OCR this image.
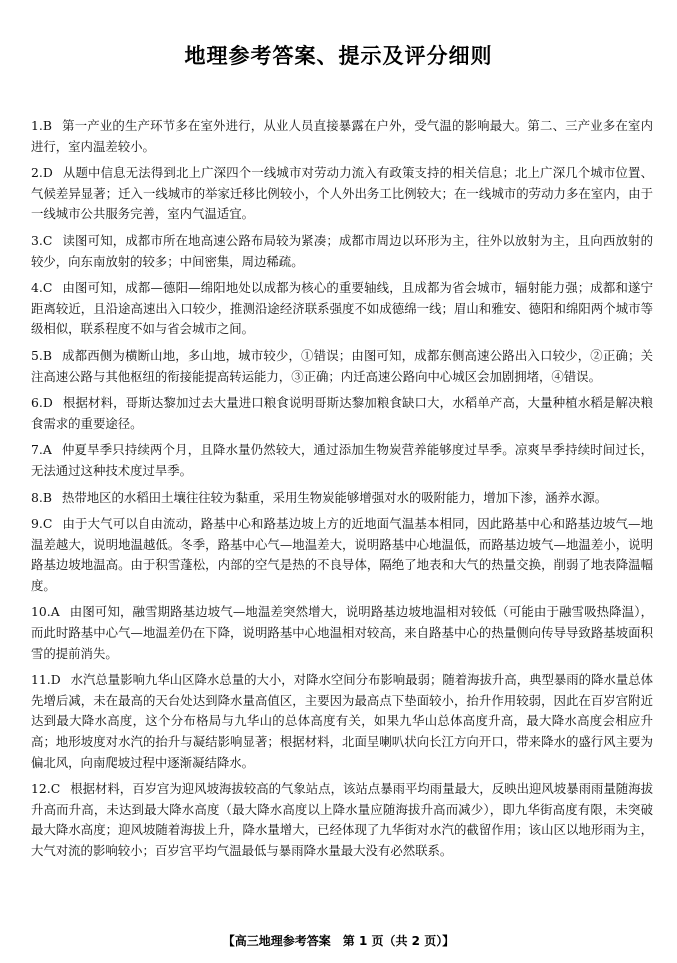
地理参考答案、提示及评分细则

1.B 第一产业的生产环节多在室外进行，从业人员直接暴露在户外，受气温的影响最大。第二、三产业多在室内进行，室内温差较小。

2.D 从题中信息无法得到北上广深四个一线城市对劳动力流入有政策支持的相关信息；北上广深几个城市位置、气候差异显著；迁入一线城市的举家迁移比例较小，个人外出务工比例较大；在一线城市的劳动力多在室内，由于一线城市公共服务完善，室内气温适宜。

3.C 读图可知，成都市所在地高速公路布局较为紧凑；成都市周边以环形为主，往外以放射为主，且向西放射的较少，向东南放射的较多；中间密集，周边稀疏。

4.C 由图可知，成都—德阳—绵阳地处以成都为核心的重要轴线，且成都为省会城市，辐射能力强；成都和遂宁距离较近，且沿途高速出入口较少，推测沿途经济联系强度不如成德绵一线；眉山和雅安、德阳和绵阳两个城市等级相似，联系程度不如与省会城市之间。

5.B 成都西侧为横断山地，多山地，城市较少，①错误；由图可知，成都东侧高速公路出入口较少，②正确；关注高速公路与其他枢纽的衔接能提高转运能力，③正确；内迁高速公路向中心城区会加剧拥堵，④错误。

6.D 根据材料，哥斯达黎加过去大量进口粮食说明哥斯达黎加粮食缺口大，水稻单产高，大量种植水稻是解决粮食需求的重要途径。

7.A 仲夏旱季只持续两个月，且降水量仍然较大，通过添加生物炭营养能够度过旱季。凉爽旱季持续时间过长，无法通过这种技术度过旱季。

8.B 热带地区的水稻田土壤往往较为黏重，采用生物炭能够增强对水的吸附能力，增加下渗，涵养水源。

9.C 由于大气可以自由流动，路基中心和路基边坡上方的近地面气温基本相同，因此路基中心和路基边坡气—地温差越大，说明地温越低。冬季，路基中心气—地温差大，说明路基中心地温低，而路基边坡气—地温差小，说明路基边坡地温高。由于积雪蓬松，内部的空气是热的不良导体，隔绝了地表和大气的热量交换，削弱了地表降温幅度。

10.A 由图可知，融雪期路基边坡气—地温差突然增大，说明路基边坡地温相对较低（可能由于融雪吸热降温），而此时路基中心气—地温差仍在下降，说明路基中心地温相对较高，来自路基中心的热量侧向传导导致路基坡面积雪的提前消失。

11.D 水汽总量影响九华山区降水总量的大小，对降水空间分布影响最弱；随着海拔升高，典型暴雨的降水量总体先增后减，未在最高的天台处达到降水量高值区，主要因为最高点下垫面较小，抬升作用较弱，因此在百岁宫附近达到最大降水高度，这个分布格局与九华山的总体高度有关，如果九华山总体高度升高，最大降水高度会相应升高；地形坡度对水汽的抬升与凝结影响显著；根据材料，北面呈喇叭状向长江方向开口，带来降水的盛行风主要为偏北风，向南爬坡过程中逐渐凝结降水。

12.C 根据材料，百岁宫为迎风坡海拔较高的气象站点，该站点暴雨平均雨量最大，反映出迎风坡暴雨雨量随海拔升高而升高，未达到最大降水高度（最大降水高度以上降水量应随海拔升高而减少），即九华街高度有限，未突破最大降水高度；迎风坡随着海拔上升，降水量增大，已经体现了九华街对水汽的截留作用；该山区以地形雨为主，大气对流的影响较小；百岁宫平均气温最低与暴雨降水量最大没有必然联系。

【高三地理参考答案　第 1 页（共 2 页）】
